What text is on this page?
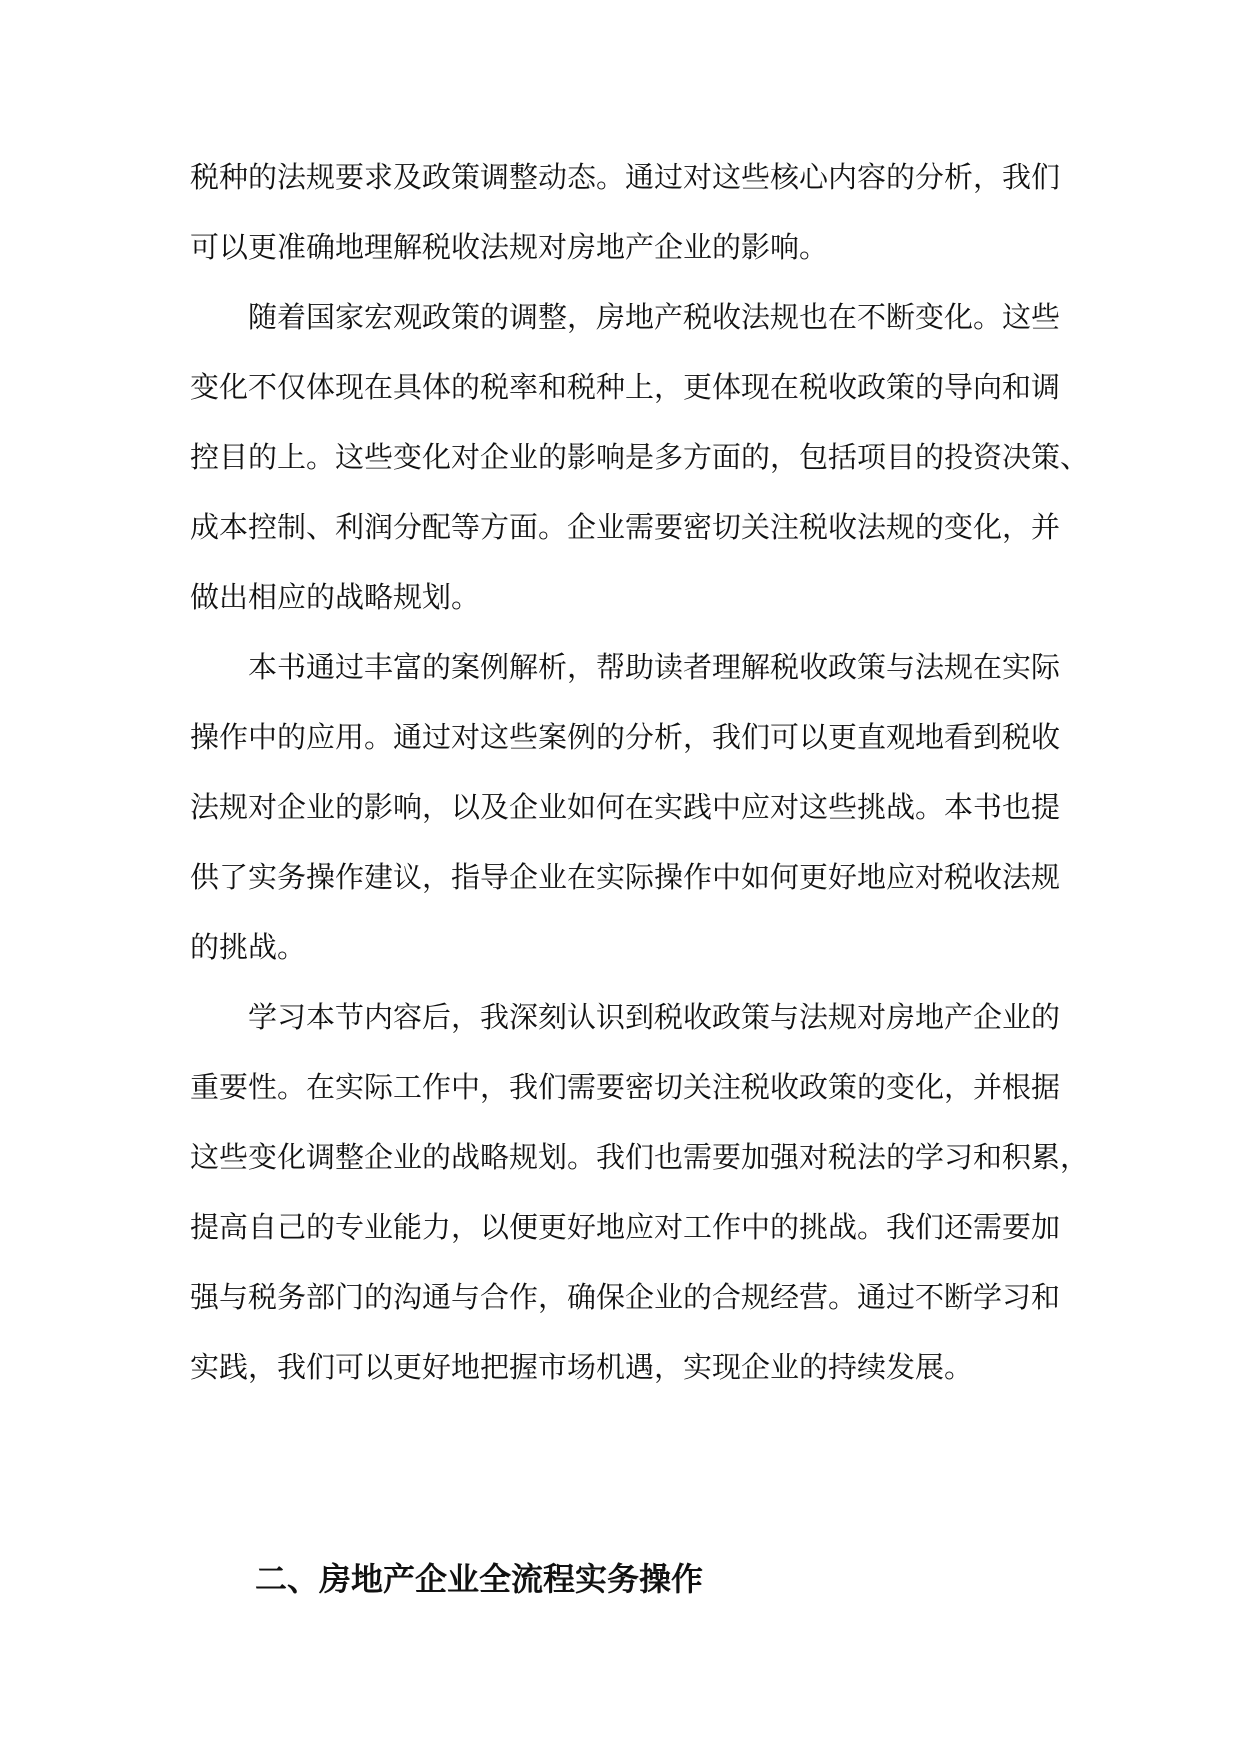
税种的法规要求及政策调整动态。通过对这些核心内容的分析，我们
可以更准确地理解税收法规对房地产企业的影响。
　　随着国家宏观政策的调整，房地产税收法规也在不断变化。这些
变化不仅体现在具体的税率和税种上，更体现在税收政策的导向和调
控目的上。这些变化对企业的影响是多方面的，包括项目的投资决策、
成本控制、利润分配等方面。企业需要密切关注税收法规的变化，并
做出相应的战略规划。
　　本书通过丰富的案例解析，帮助读者理解税收政策与法规在实际
操作中的应用。通过对这些案例的分析，我们可以更直观地看到税收
法规对企业的影响，以及企业如何在实践中应对这些挑战。本书也提
供了实务操作建议，指导企业在实际操作中如何更好地应对税收法规
的挑战。
　　学习本节内容后，我深刻认识到税收政策与法规对房地产企业的
重要性。在实际工作中，我们需要密切关注税收政策的变化，并根据
这些变化调整企业的战略规划。我们也需要加强对税法的学习和积累，
提高自己的专业能力，以便更好地应对工作中的挑战。我们还需要加
强与税务部门的沟通与合作，确保企业的合规经营。通过不断学习和
实践，我们可以更好地把握市场机遇，实现企业的持续发展。
二、房地产企业全流程实务操作
